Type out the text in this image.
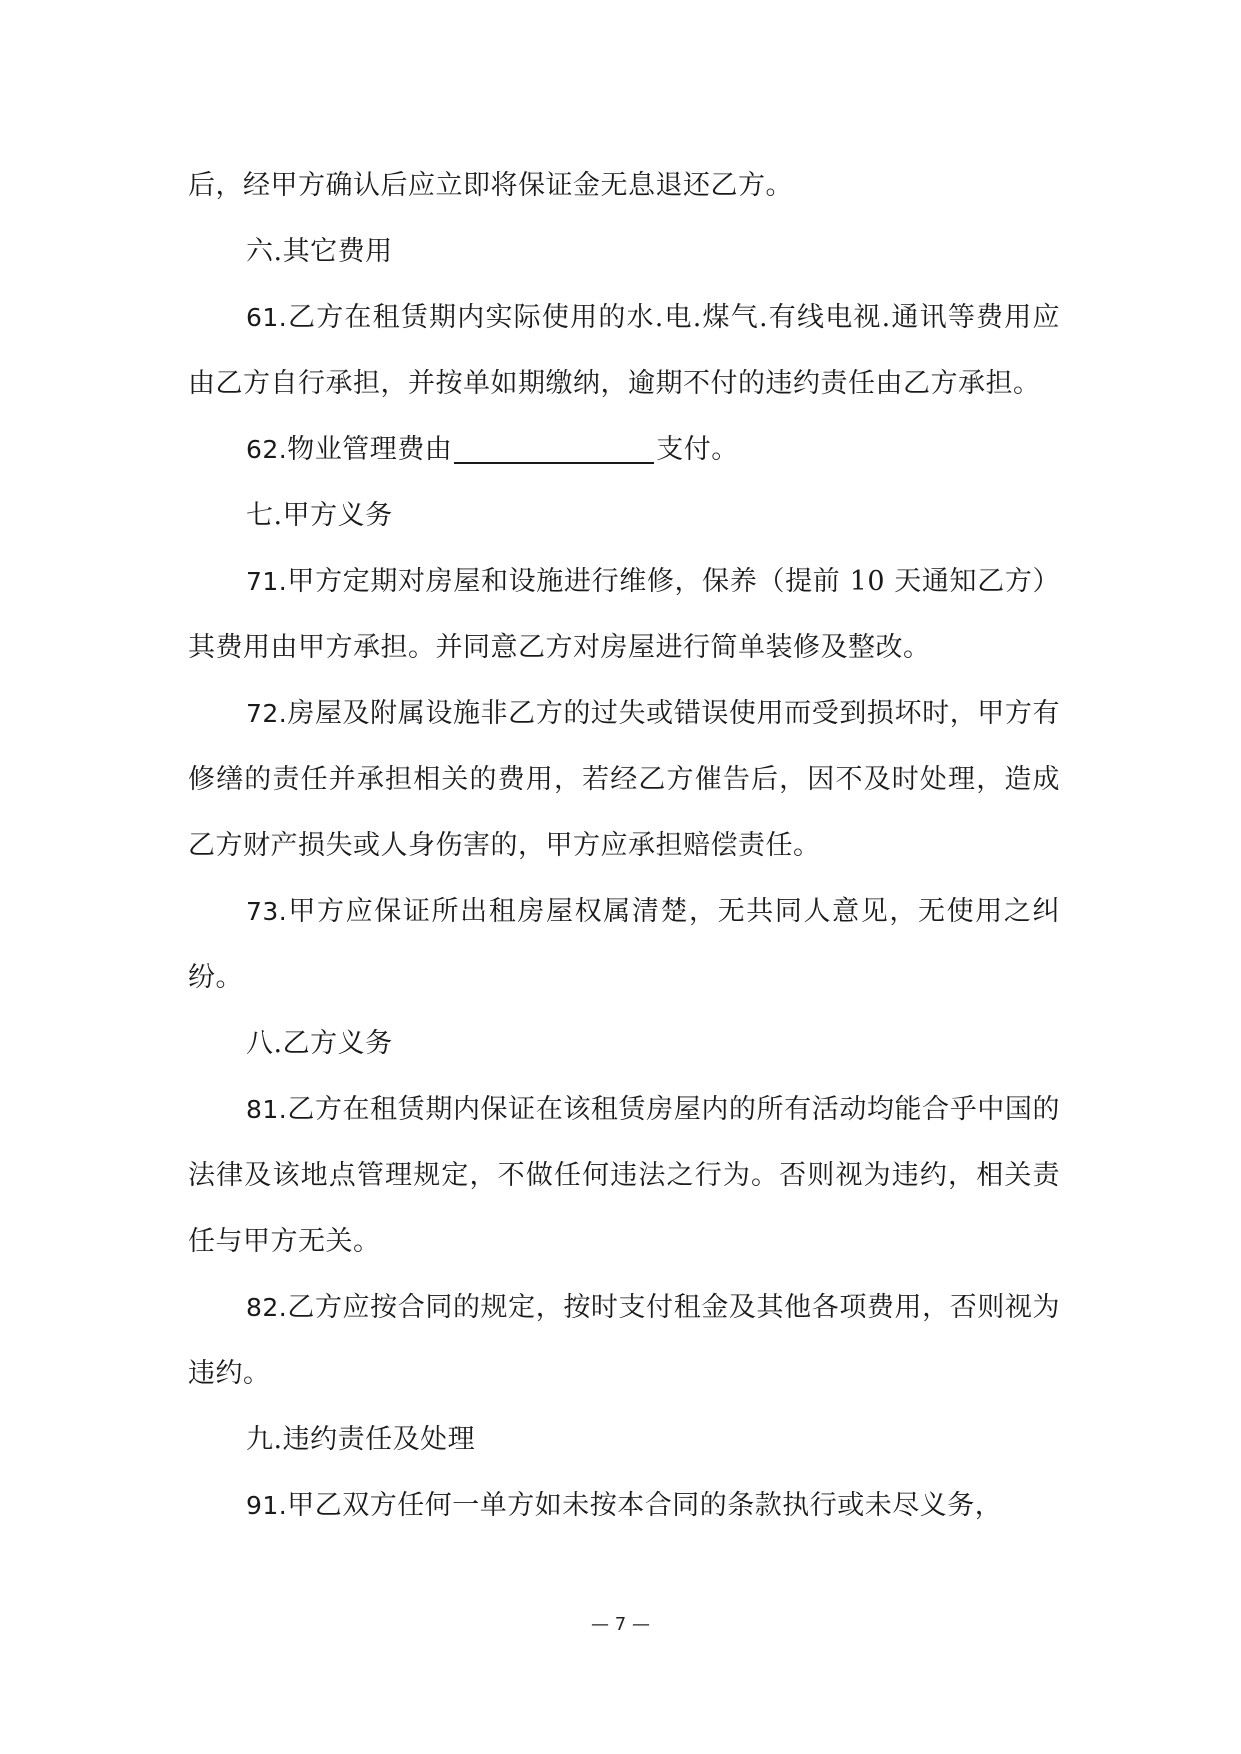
后，经甲方确认后应立即将保证金无息退还乙方。

六.其它费用

61.乙方在租赁期内实际使用的水.电.煤气.有线电视.通讯等费用应由乙方自行承担，并按单如期缴纳，逾期不付的违约责任由乙方承担。

62.物业管理费由	支付。

七.甲方义务

71.甲方定期对房屋和设施进行维修，保养（提前 10 天通知乙方）其费用由甲方承担。并同意乙方对房屋进行简单装修及整改。

72.房屋及附属设施非乙方的过失或错误使用而受到损坏时，甲方有修缮的责任并承担相关的费用，若经乙方催告后，因不及时处理，造成乙方财产损失或人身伤害的，甲方应承担赔偿责任。

73.甲方应保证所出租房屋权属清楚，无共同人意见，无使用之纠纷。

八.乙方义务

81.乙方在租赁期内保证在该租赁房屋内的所有活动均能合乎中国的法律及该地点管理规定，不做任何违法之行为。否则视为违约，相关责任与甲方无关。

82.乙方应按合同的规定，按时支付租金及其他各项费用，否则视为违约。

九.违约责任及处理

91.甲乙双方任何一单方如未按本合同的条款执行或未尽义务，

— 7 —
